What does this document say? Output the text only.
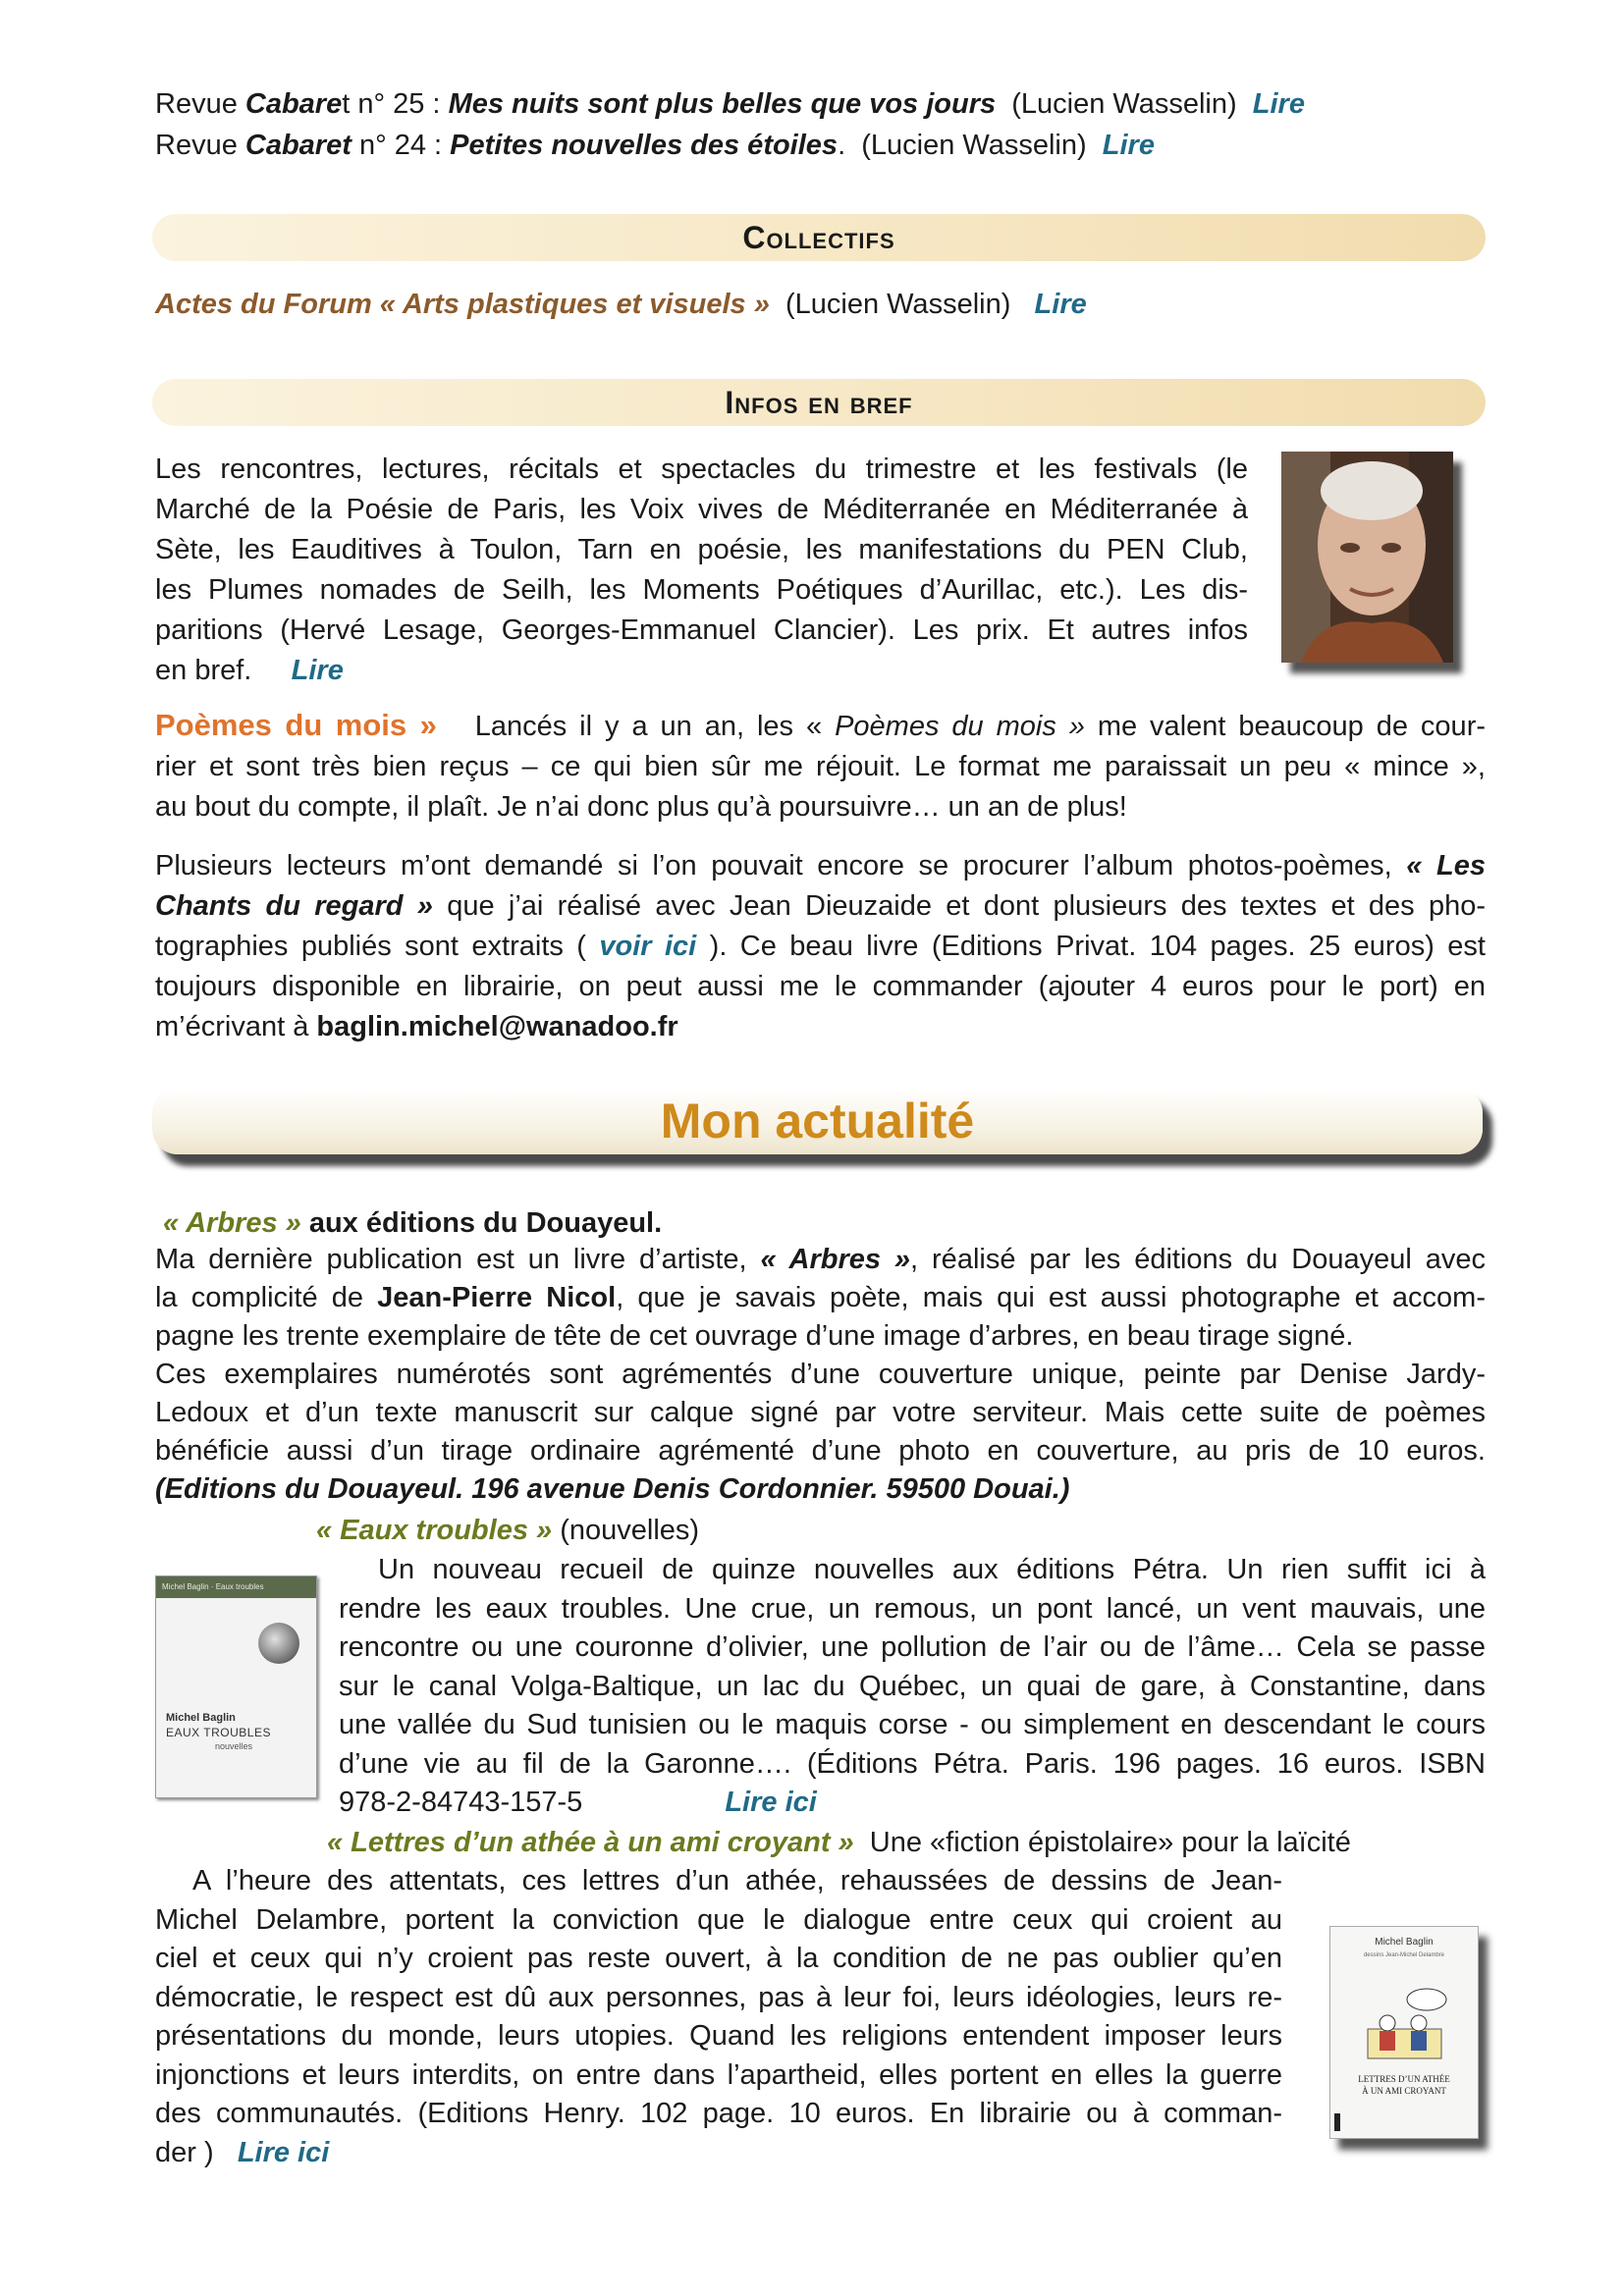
Revue Cabaret n° 25 : Mes nuits sont plus belles que vos jours (Lucien Wasselin) Lire
Revue Cabaret n° 24 : Petites nouvelles des étoiles. (Lucien Wasselin) Lire
Collectifs
Actes du Forum « Arts plastiques et visuels » (Lucien Wasselin) Lire
Infos en bref
Les rencontres, lectures, récitals et spectacles du trimestre et les festivals (le
Marché de la Poésie de Paris, les Voix vives de Méditerranée en Méditerranée à
Sète, les Eauditives à Toulon, Tarn en poésie, les manifestations du PEN Club,
les Plumes nomades de Seilh, les Moments Poétiques d’Aurillac, etc.). Les dis-
paritions (Hervé Lesage, Georges-Emmanuel Clancier). Les prix. Et autres infos
en bref. Lire
Poèmes du mois » Lancés il y a un an, les « Poèmes du mois » me valent beaucoup de cour-
rier et sont très bien reçus – ce qui bien sûr me réjouit. Le format me paraissait un peu « mince »,
au bout du compte, il plaît. Je n’ai donc plus qu’à poursuivre… un an de plus!
Plusieurs lecteurs m’ont demandé si l’on pouvait encore se procurer l’album photos-poèmes, « Les
Chants du regard » que j’ai réalisé avec Jean Dieuzaide et dont plusieurs des textes et des pho-
tographies publiés sont extraits ( voir ici ). Ce beau livre (Editions Privat. 104 pages. 25 euros) est
toujours disponible en librairie, on peut aussi me le commander (ajouter 4 euros pour le port) en
m’écrivant à baglin.michel@wanadoo.fr
Mon actualité
« Arbres » aux éditions du Douayeul.
Ma dernière publication est un livre d’artiste, « Arbres », réalisé par les éditions du Douayeul avec
la complicité de Jean-Pierre Nicol, que je savais poète, mais qui est aussi photographe et accom-
pagne les trente exemplaire de tête de cet ouvrage d’une image d’arbres, en beau tirage signé.
Ces exemplaires numérotés sont agrémentés d’une couverture unique, peinte par Denise Jardy-
Ledoux et d’un texte manuscrit sur calque signé par votre serviteur. Mais cette suite de poèmes
bénéficie aussi d’un tirage ordinaire agrémenté d’une photo en couverture, au pris de 10 euros.
(Editions du Douayeul. 196 avenue Denis Cordonnier. 59500 Douai.)
« Eaux troubles » (nouvelles)
Michel Baglin · Eaux troubles
Michel Baglin
EAUX TROUBLES
nouvelles
Un nouveau recueil de quinze nouvelles aux éditions Pétra. Un rien suffit ici à
rendre les eaux troubles. Une crue, un remous, un pont lancé, un vent mauvais, une
rencontre ou une couronne d’olivier, une pollution de l’air ou de l’âme… Cela se passe
sur le canal Volga-Baltique, un lac du Québec, un quai de gare, à Constantine, dans
une vallée du Sud tunisien ou le maquis corse - ou simplement en descendant le cours
d’une vie au fil de la Garonne…. (Éditions Pétra. Paris. 196 pages. 16 euros. ISBN
978-2-84743-157-5	Lire ici
« Lettres d’un athée à un ami croyant »  Une «fiction épistolaire» pour la laïcité
A l’heure des attentats, ces lettres d’un athée, rehaussées de dessins de Jean-
Michel Delambre, portent la conviction que le dialogue entre ceux qui croient au
ciel et ceux qui n’y croient pas reste ouvert, à la condition de ne pas oublier qu’en
démocratie, le respect est dû aux personnes, pas à leur foi, leurs idéologies, leurs re-
présentations du monde, leurs utopies. Quand les religions entendent imposer leurs
injonctions et leurs interdits, on entre dans l’apartheid, elles portent en elles la guerre
des communautés. (Editions Henry. 102 page. 10 euros. En librairie ou à comman-
der ) Lire ici
Michel Baglin
dessins Jean-Michel Delambre
LETTRES D’UN ATHÉE
À UN AMI CROYANT
